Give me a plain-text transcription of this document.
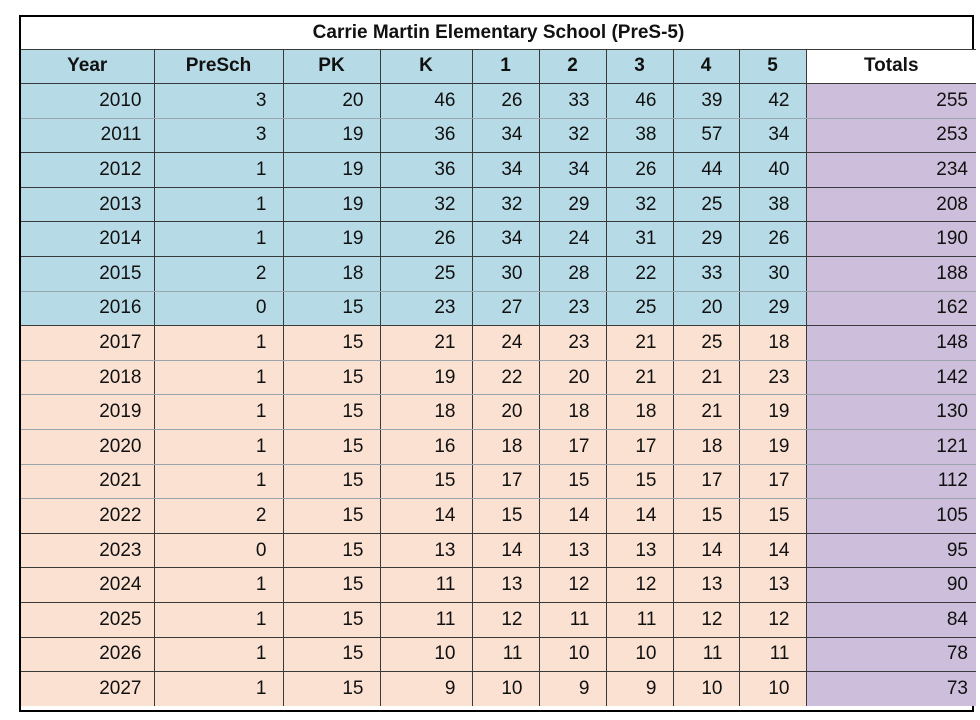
Carrie Martin Elementary School (PreS-5)									
Year	PreSch	PK	K	1	2	3	4	5	Totals
2010	3	20	46	26	33	46	39	42	255
2011	3	19	36	34	32	38	57	34	253
2012	1	19	36	34	34	26	44	40	234
2013	1	19	32	32	29	32	25	38	208
2014	1	19	26	34	24	31	29	26	190
2015	2	18	25	30	28	22	33	30	188
2016	0	15	23	27	23	25	20	29	162
2017	1	15	21	24	23	21	25	18	148
2018	1	15	19	22	20	21	21	23	142
2019	1	15	18	20	18	18	21	19	130
2020	1	15	16	18	17	17	18	19	121
2021	1	15	15	17	15	15	17	17	112
2022	2	15	14	15	14	14	15	15	105
2023	0	15	13	14	13	13	14	14	95
2024	1	15	11	13	12	12	13	13	90
2025	1	15	11	12	11	11	12	12	84
2026	1	15	10	11	10	10	11	11	78
2027	1	15	9	10	9	9	10	10	73
